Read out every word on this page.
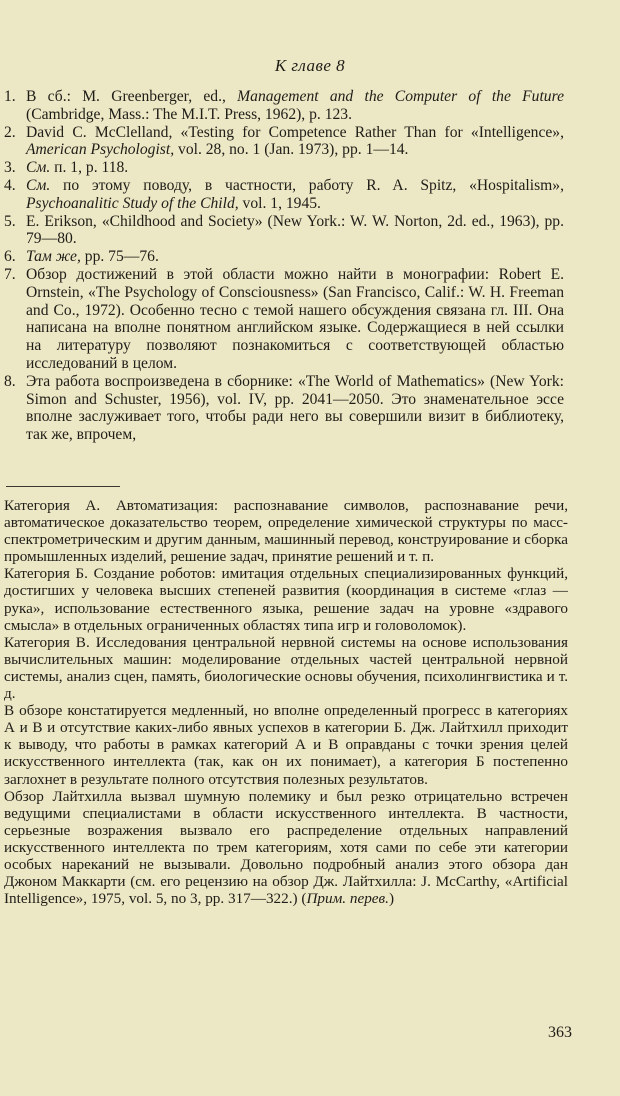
К главе 8
1. В сб.: M. Greenberger, ed., Management and the Computer of the Future (Cambridge, Mass.: The M.I.T. Press, 1962), p. 123.
2. David C. McClelland, «Testing for Competence Rather Than for «Intelligence», American Psychologist, vol. 28, no. 1 (Jan. 1973), pp. 1—14.
3. См. п. 1, р. 118.
4. См. по этому поводу, в частности, работу R. A. Spitz, «Hospitalism», Psychoanalitic Study of the Child, vol. 1, 1945.
5. E. Erikson, «Childhood and Society» (New York.: W. W. Norton, 2d. ed., 1963), pp. 79—80.
6. Там же, pp. 75—76.
7. Обзор достижений в этой области можно найти в монографии: Robert E. Ornstein, «The Psychology of Consciousness» (San Francisco, Calif.: W. H. Freeman and Co., 1972). Особенно тесно с темой нашего обсуждения связана гл. III. Она написана на вполне понятном английском языке. Содержащиеся в ней ссылки на литературу позволяют познакомиться с соответствующей областью исследований в целом.
8. Эта работа воспроизведена в сборнике: «The World of Mathematics» (New York: Simon and Schuster, 1956), vol. IV, pp. 2041—2050. Это знаменательное эссе вполне заслуживает того, чтобы ради него вы совершили визит в библиотеку, так же, впрочем,

Категория А. Автоматизация: распознавание символов, распознавание речи, автоматическое доказательство теорем, определение химической структуры по масс-спектрометрическим и другим данным, машинный перевод, конструирование и сборка промышленных изделий, решение задач, принятие решений и т. п.

Категория Б. Создание роботов: имитация отдельных специализированных функций, достигших у человека высших степеней развития (координация в системе «глаз — рука», использование естественного языка, решение задач на уровне «здравого смысла» в отдельных ограниченных областях типа игр и головоломок).

Категория В. Исследования центральной нервной системы на основе использования вычислительных машин: моделирование отдельных частей центральной нервной системы, анализ сцен, память, биологические основы обучения, психолингвистика и т. д.

В обзоре констатируется медленный, но вполне определенный прогресс в категориях А и В и отсутствие каких-либо явных успехов в категории Б. Дж. Лайтхилл приходит к выводу, что работы в рамках категорий А и В оправданы с точки зрения целей искусственного интеллекта (так, как он их понимает), а категория Б постепенно заглохнет в результате полного отсутствия полезных результатов.

Обзор Лайтхилла вызвал шумную полемику и был резко отрицательно встречен ведущими специалистами в области искусственного интеллекта. В частности, серьезные возражения вызвало его распределение отдельных направлений искусственного интеллекта по трем категориям, хотя сами по себе эти категории особых нареканий не вызывали. Довольно подробный анализ этого обзора дан Джоном Маккарти (см. его рецензию на обзор Дж. Лайтхилла: J. McCarthy, «Artificial Intelligence», 1975, vol. 5, no 3, pp. 317—322.) (Прим. перев.)

363
